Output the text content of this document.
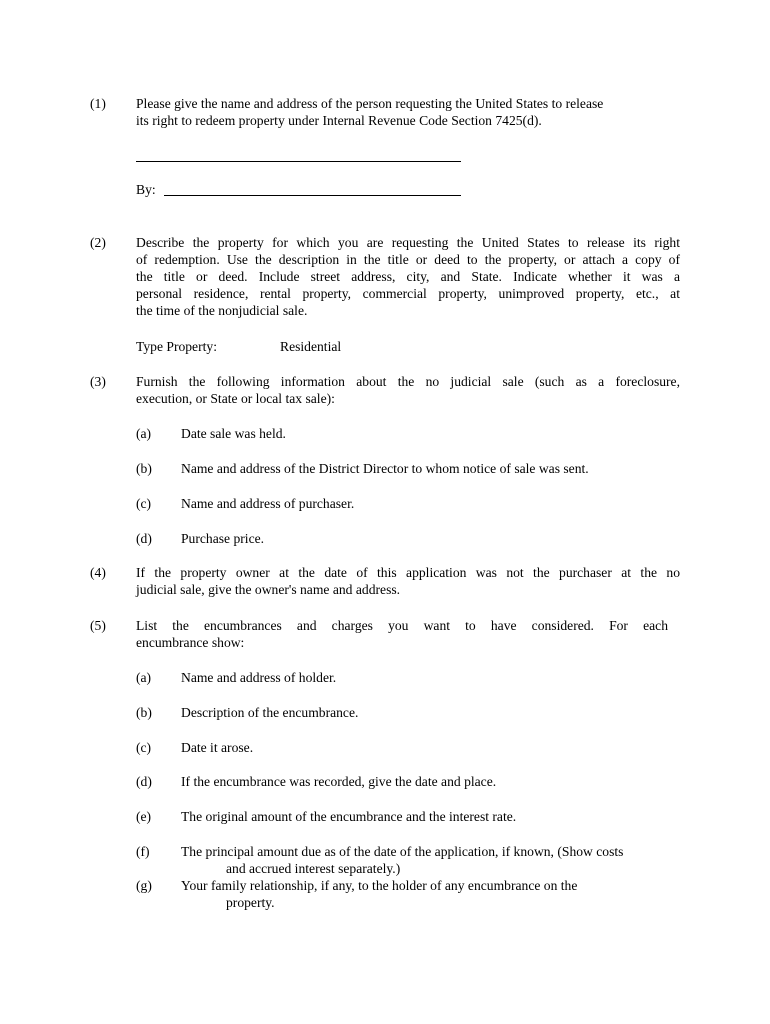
(1) Please give the name and address of the person requesting the United States to release
its right to redeem property under Internal Revenue Code Section 7425(d).
By:
(2) Describe the property for which you are requesting the United States to release its right
of redemption. Use the description in the title or deed to the property, or attach a copy of
the title or deed. Include street address, city, and State. Indicate whether it was a
personal residence, rental property, commercial property, unimproved property, etc., at
the time of the nonjudicial sale.
Type Property:	Residential
(3) Furnish the following information about the no judicial sale (such as a foreclosure,
execution, or State or local tax sale):
(a) Date sale was held.
(b) Name and address of the District Director to whom notice of sale was sent.
(c) Name and address of purchaser.
(d) Purchase price.
(4) If the property owner at the date of this application was not the purchaser at the no
judicial sale, give the owner's name and address.
(5) List the encumbrances and charges you want to have considered. For each
encumbrance show:
(a) Name and address of holder.
(b) Description of the encumbrance.
(c) Date it arose.
(d) If the encumbrance was recorded, give the date and place.
(e) The original amount of the encumbrance and the interest rate.
(f) The principal amount due as of the date of the application, if known, (Show costs
and accrued interest separately.)
(g) Your family relationship, if any, to the holder of any encumbrance on the
property.
